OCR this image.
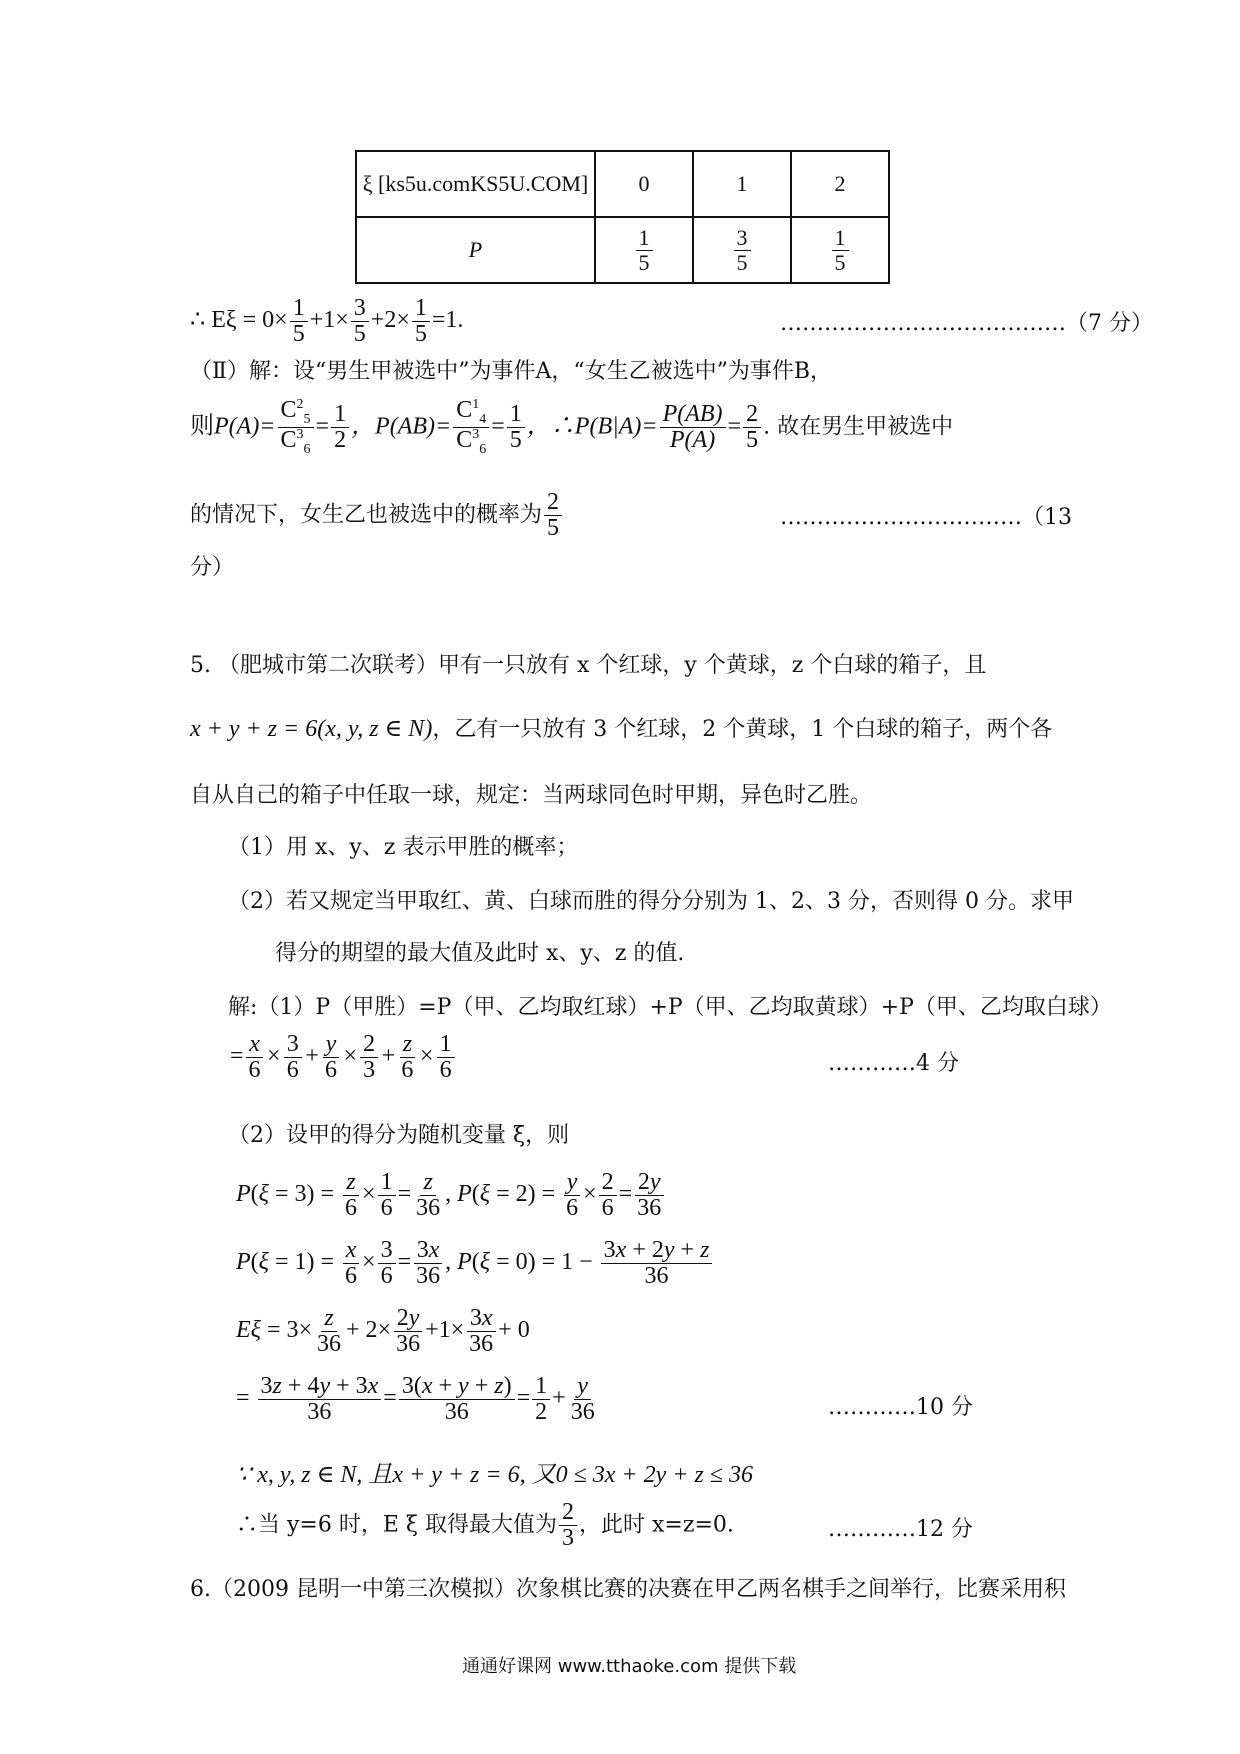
ξ [ks5u.comKS5U.COM]	0	1	2
P	$\frac{1}{5}$	$\frac{3}{5}$	$\frac{1}{5}$
∴ $E\xi = 0\times \frac{1}{5} +1\times \frac{3}{5} +2\times \frac{1}{5} =1$.	…………………………………（7 分）
（Ⅱ）解：设“男生甲被选中”为事件A，“女生乙被选中”为事件B，
则$P(A)= \frac{C^2_5}{C^3_6} = \frac{1}{2}$ ，$P(AB)= \frac{C^1_4}{C^3_6} = \frac{1}{5}$ ，∴P(B|A)= $\frac{P(AB)}{P(A)} = \frac{2}{5}$ . 故在男生甲被选中
的情况下，女生乙也被选中的概率为 $\frac{2}{5}$	……………………………（13
分）
5. （肥城市第二次联考）甲有一只放有 x 个红球，y 个黄球，z 个白球的箱子，且
x + y + z = 6(x, y, z ∈ N)，乙有一只放有 3 个红球，2 个黄球，1 个白球的箱子，两个各
自从自己的箱子中任取一球，规定：当两球同色时甲期，异色时乙胜。
（1）用 x、y、z 表示甲胜的概率；
（2）若又规定当甲取红、黄、白球而胜的得分分别为 1、2、3 分，否则得 0 分。求甲
得分的期望的最大值及此时 x、y、z 的值.
解:（1）P（甲胜）=P（甲、乙均取红球）+P（甲、乙均取黄球）+P（甲、乙均取白球）
= $\frac{x}{6} \times \frac{3}{6} + \frac{y}{6} \times \frac{2}{3} + \frac{z}{6} \times \frac{1}{6}$	…………4 分
（2）设甲的得分为随机变量 ξ，则
$P(\xi = 3) = \frac{z}{6} \times \frac{1}{6} = \frac{z}{36}$ , $P(\xi = 2) = \frac{y}{6} \times \frac{2}{6} = \frac{2y}{36}$
$P(\xi = 1) = \frac{x}{6} \times \frac{3}{6} = \frac{3x}{36}$ , $P(\xi = 0) = 1 - \frac{3x + 2y + z}{36}$
$E\xi = 3\times \frac{z}{36} + 2\times \frac{2y}{36} +1\times \frac{3x}{36} + 0$
= $\frac{3z + 4y + 3x}{36} = \frac{3(x + y + z)}{36} = \frac{1}{2} + \frac{y}{36}$	…………10 分
∵ x, y, z ∈ N, 且x + y + z = 6, 又0 ≤ 3x + 2y + z ≤ 36
∴当 y=6 时，E ξ 取得最大值为 $\frac{2}{3}$ ，此时 x=z=0.	…………12 分
6.（2009 昆明一中第三次模拟）次象棋比赛的决赛在甲乙两名棋手之间举行，比赛采用积
通通好课网 www.tthaoke.com 提供下载
